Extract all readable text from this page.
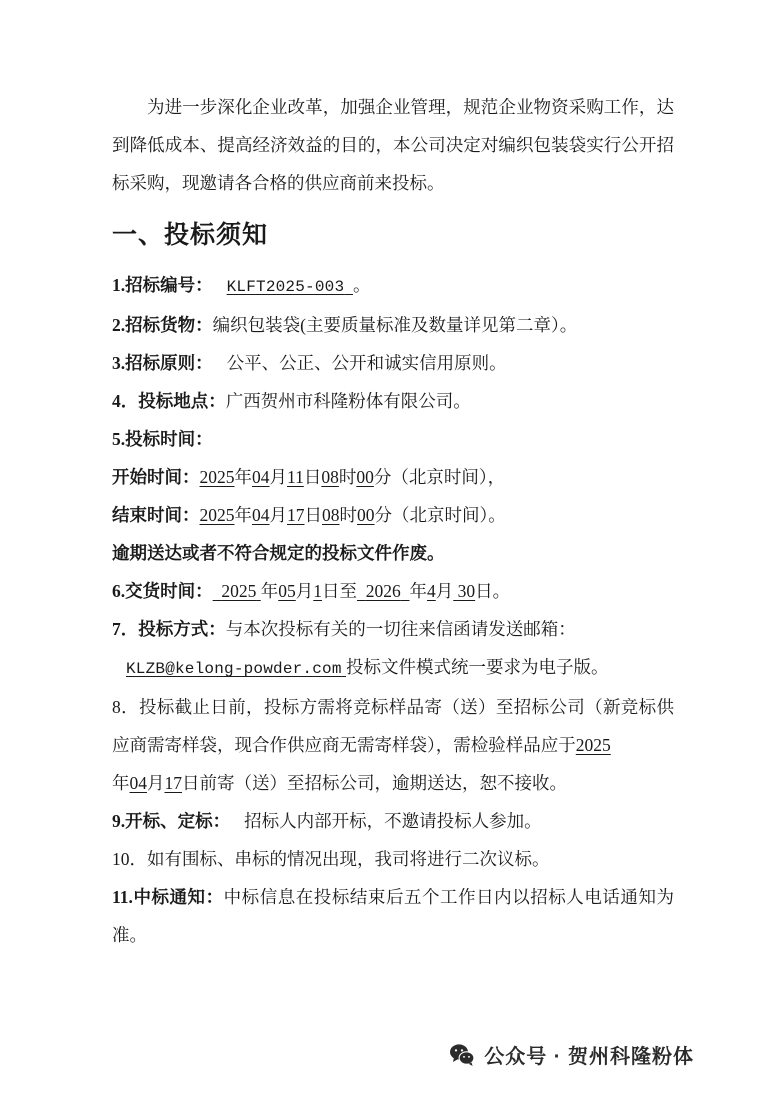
为进一步深化企业改革，加强企业管理，规范企业物资采购工作，达到降低成本、提高经济效益的目的，本公司决定对编织包装袋实行公开招标采购，现邀请各合格的供应商前来投标。

一、投标须知

1.招标编号： KLFT2025-003 。

2.招标货物：编织包装袋(主要质量标准及数量详见第二章）。

3.招标原则： 公平、公正、公开和诚实信用原则。

4．投标地点：广西贺州市科隆粉体有限公司。

5.投标时间：

开始时间：2025年04月11日08时00分（北京时间），

结束时间：2025年04月17日08时00分（北京时间）。

逾期送达或者不符合规定的投标文件作废。

6.交货时间： 2025 年05月1日至 2026 年4月 30日。

7．投标方式：与本次投标有关的一切往来信函请发送邮箱：

KLZB@kelong-powder.com 投标文件模式统一要求为电子版。

8．投标截止日前，投标方需将竞标样品寄（送）至招标公司（新竞标供应商需寄样袋，现合作供应商无需寄样袋），需检验样品应于2025

年04月17日前寄（送）至招标公司，逾期送达，恕不接收。

9.开标、定标： 招标人内部开标，不邀请投标人参加。

10．如有围标、串标的情况出现，我司将进行二次议标。

11.中标通知：中标信息在投标结束后五个工作日内以招标人电话通知为准。

公众号 · 贺州科隆粉体
